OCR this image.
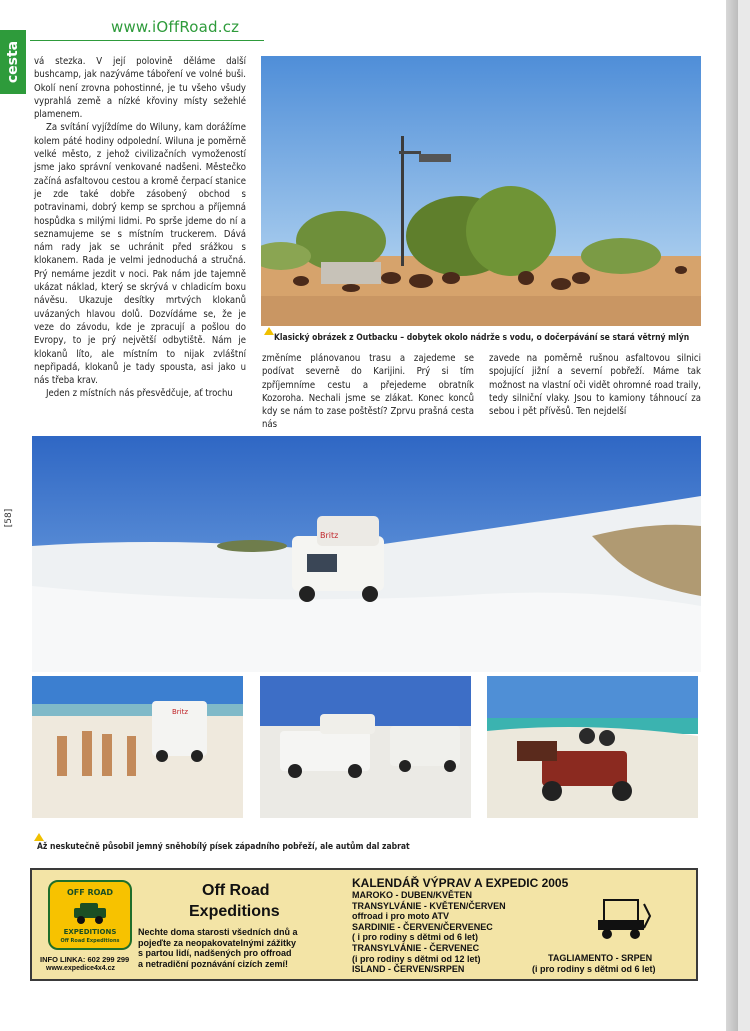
cesta
www.iOffRoad.cz
[58]

vá stezka. V její polovině děláme další bushcamp, jak nazýváme táboření ve volné buši. Okolí není zrovna pohostinné, je tu všeho všudy vyprahlá země a nízké křoviny místy sežehlé plamenem.

Za svítání vyjíždíme do Wiluny, kam dorážíme kolem páté hodiny odpolední. Wiluna je poměrně velké město, z jehož civilizačních vymožeností jsme jako správní venkované nadšeni. Městečko začíná asfaltovou cestou a kromě čerpací stanice je zde také dobře zásobený obchod s potravinami, dobrý kemp se sprchou a příjemná hospůdka s milými lidmi. Po sprše jdeme do ní a seznamujeme se s místním truckerem. Dává nám rady jak se uchránit před srážkou s klokanem. Rada je velmi jednoduchá a stručná. Prý nemáme jezdit v noci. Pak nám jde tajemně ukázat náklad, který se skrývá v chladicím boxu návěsu. Ukazuje desítky mrtvých klokanů uvázaných hlavou dolů. Dozvídáme se, že je veze do závodu, kde je zpracují a pošlou do Evropy, to je prý největší odbytiště. Nám je klokanů líto, ale místním to nijak zvláštní nepřipadá, klokanů je tady spousta, asi jako u nás třeba krav.

Jeden z místních nás přesvědčuje, ať trochu

Klasický obrázek z Outbacku – dobytek okolo nádrže s vodu, o dočerpávání se stará větrný mlýn
změníme plánovanou trasu a zajedeme se podívat severně do Karijini. Prý si tím zpříjemníme cestu a přejedeme obratník Kozoroha. Nechali jsme se zlákat. Konec konců kdy se nám to zase poštěstí? Zprvu prašná cesta nás
zavede na poměrně rušnou asfaltovou silnici spojující jižní a severní pobřeží. Máme tak možnost na vlastní oči vidět ohromné road traily, tedy silniční vlaky. Jsou to kamiony táhnoucí za sebou i pět přívěsů. Ten nejdelší
Britz
Britz
Až neskutečně působil jemný sněhobílý písek západního pobřeží, ale autům dal zabrat
OFF ROAD
EXPEDITIONS
Off Road Expeditions
Off Road
Expeditions
Nechte doma starosti všedních dnů a
pojeďte za neopakovatelnými zážitky
s partou lidí, nadšených pro offroad
a netradiční poznávání cizích zemí!
INFO LINKA: 602 299 299
www.expedice4x4.cz
KALENDÁŘ VÝPRAV A EXPEDIC 2005
MAROKO - DUBEN/KVĚTEN
TRANSYLVÁNIE - KVĚTEN/ČERVEN
offroad i pro moto ATV
SARDINIE - ČERVEN/ČERVENEC
( i pro rodiny s dětmi od 6 let)
TRANSYLVÁNIE - ČERVENEC
(i pro rodiny s dětmi od 12 let)
ISLAND - ČERVEN/SRPEN
TAGLIAMENTO - SRPEN
(i pro rodiny s dětmi od 6 let)
